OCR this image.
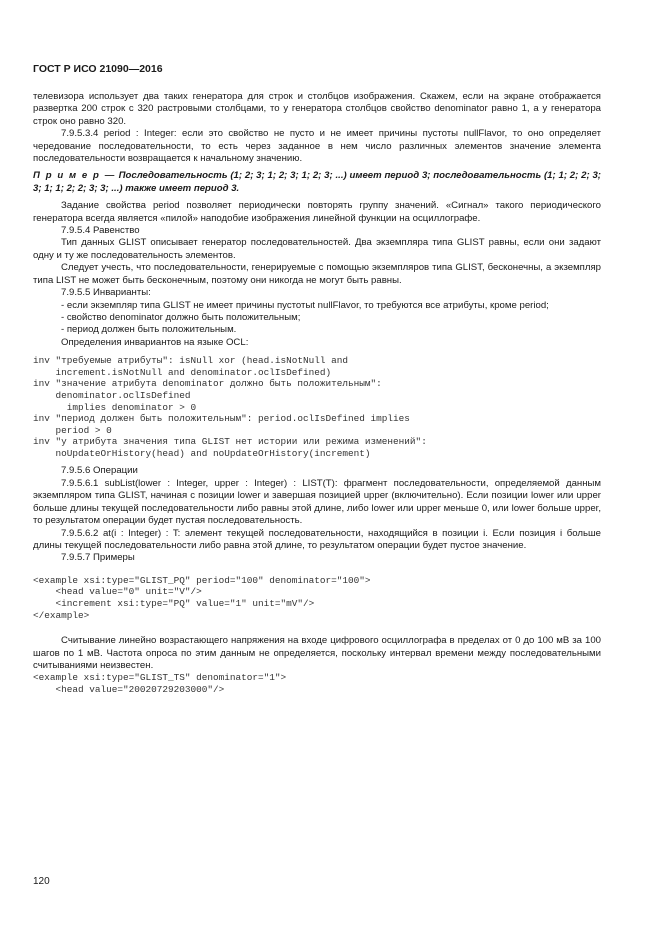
ГОСТ Р ИСО 21090—2016

телевизора использует два таких генератора для строк и столбцов изображения. Скажем, если на экране отображается развертка 200 строк с 320 растровыми столбцами, то у генератора столбцов свойство denominator равно 1, а у генератора строк оно равно 320.

7.9.5.3.4 period : Integer: если это свойство не пусто и не имеет причины пустоты nullFlavor, то оно определяет чередование последовательности, то есть через заданное в нем число различных элементов значение элемента последовательности возвращается к начальному значению.

П р и м е р — Последовательность (1; 2; 3; 1; 2; 3; 1; 2; 3; ...) имеет период 3; последовательность (1; 1; 2; 2; 3; 3; 1; 1; 2; 2; 3; 3; ...) также имеет период 3.

Задание свойства period позволяет периодически повторять группу значений. «Сигнал» такого периодического генератора всегда является «пилой» наподобие изображения линейной функции на осциллографе.

7.9.5.4 Равенство

Тип данных GLIST описывает генератор последовательностей. Два экземпляра типа GLIST равны, если они задают одну и ту же последовательность элементов.

Следует учесть, что последовательности, генерируемые с помощью экземпляров типа GLIST, бесконечны, а экземпляр типа LIST не может быть бесконечным, поэтому они никогда не могут быть равны.

7.9.5.5 Инварианты:

- если экземпляр типа GLIST не имеет причины пустотыt nullFlavor, то требуются все атрибуты, кроме period;

- свойство denominator должно быть положительным;

- период должен быть положительным.

Определения инвариантов на языке OCL:

inv "требуемые атрибуты": isNull xor (head.isNotNull and
increment.isNotNull and denominator.oclIsDefined)
inv "значение атрибута denominator должно быть положительным":
denominator.oclIsDefined
implies denominator > 0
inv "период должен быть положительным": period.oclIsDefined implies
period > 0
inv "у атрибута значения типа GLIST нет истории или режима изменений":
noUpdateOrHistory(head) and noUpdateOrHistory(increment)

7.9.5.6 Операции

7.9.5.6.1 subList(lower : Integer, upper : Integer) : LIST(T): фрагмент последовательности, определяемой данным экземпляром типа GLIST, начиная с позиции lower и завершая позицией upper (включительно). Если позиции lower или upper больше длины текущей последовательности либо равны этой длине, либо lower или upper меньше 0, или lower больше upper, то результатом операции будет пустая последовательность.

7.9.5.6.2 at(i : Integer) : T: элемент текущей последовательности, находящийся в позиции i. Если позиция i больше длины текущей последовательности либо равна этой длине, то результатом операции будет пустое значение.

7.9.5.7 Примеры

<example xsi:type="GLIST_PQ" period="100" denominator="100">
<head value="0" unit="V"/>
<increment xsi:type="PQ" value="1" unit="mV"/>
</example>

Считывание линейно возрастающего напряжения на входе цифрового осциллографа в пределах от 0 до 100 мВ за 100 шагов по 1 мВ. Частота опроса по этим данным не определяется, поскольку интервал времени между последовательными считываниями неизвестен.

<example xsi:type="GLIST_TS" denominator="1">
<head value="20020729203000"/>
120
